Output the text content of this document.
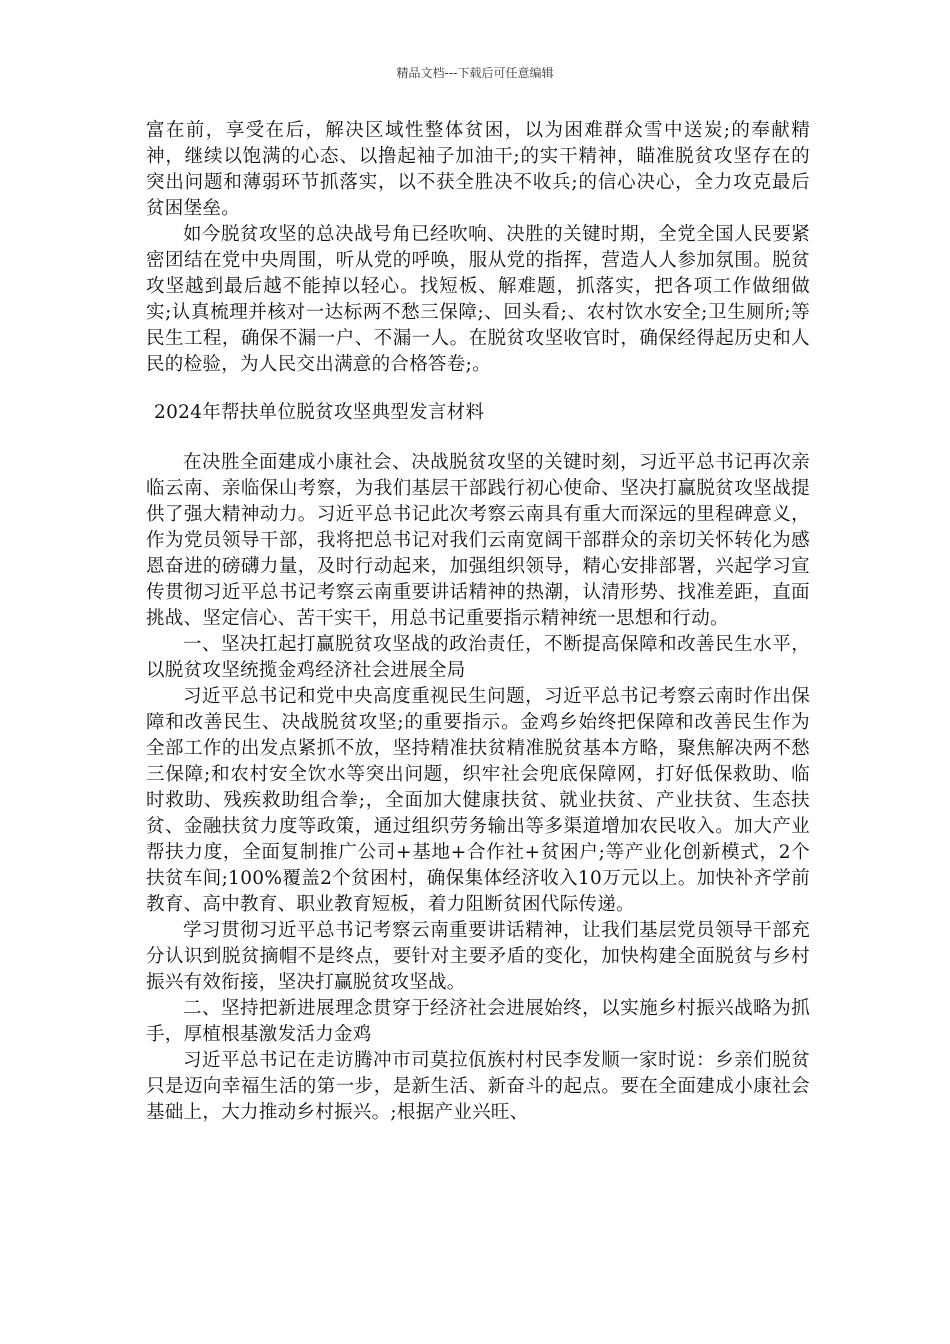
精品文档---下载后可任意编辑

富在前，享受在后，解决区域性整体贫困，以为困难群众雪中送炭;的奉献精神，继续以饱满的心态、以撸起袖子加油干;的实干精神，瞄准脱贫攻坚存在的突出问题和薄弱环节抓落实，以不获全胜决不收兵;的信心决心，全力攻克最后贫困堡垒。

如今脱贫攻坚的总决战号角已经吹响、决胜的关键时期，全党全国人民要紧密团结在党中央周围，听从党的呼唤，服从党的指挥，营造人人参加氛围。脱贫攻坚越到最后越不能掉以轻心。找短板、解难题，抓落实，把各项工作做细做实;认真梳理并核对一达标两不愁三保障;、回头看;、农村饮水安全;卫生厕所;等民生工程，确保不漏一户、不漏一人。在脱贫攻坚收官时，确保经得起历史和人民的检验，为人民交出满意的合格答卷;。

2024年帮扶单位脱贫攻坚典型发言材料

在决胜全面建成小康社会、决战脱贫攻坚的关键时刻，习近平总书记再次亲临云南、亲临保山考察，为我们基层干部践行初心使命、坚决打赢脱贫攻坚战提供了强大精神动力。习近平总书记此次考察云南具有重大而深远的里程碑意义，作为党员领导干部，我将把总书记对我们云南宽阔干部群众的亲切关怀转化为感恩奋进的磅礴力量，及时行动起来，加强组织领导，精心安排部署，兴起学习宣传贯彻习近平总书记考察云南重要讲话精神的热潮，认清形势、找准差距，直面挑战、坚定信心、苦干实干，用总书记重要指示精神统一思想和行动。

一、坚决扛起打赢脱贫攻坚战的政治责任，不断提高保障和改善民生水平，以脱贫攻坚统揽金鸡经济社会进展全局

习近平总书记和党中央高度重视民生问题，习近平总书记考察云南时作出保障和改善民生、决战脱贫攻坚;的重要指示。金鸡乡始终把保障和改善民生作为全部工作的出发点紧抓不放，坚持精准扶贫精准脱贫基本方略，聚焦解决两不愁三保障;和农村安全饮水等突出问题，织牢社会兜底保障网，打好低保救助、临时救助、残疾救助组合拳;，全面加大健康扶贫、就业扶贫、产业扶贫、生态扶贫、金融扶贫力度等政策，通过组织劳务输出等多渠道增加农民收入。加大产业帮扶力度，全面复制推广公司+基地+合作社+贫困户;等产业化创新模式，2个扶贫车间;100%覆盖2个贫困村，确保集体经济收入10万元以上。加快补齐学前教育、高中教育、职业教育短板，着力阻断贫困代际传递。

学习贯彻习近平总书记考察云南重要讲话精神，让我们基层党员领导干部充分认识到脱贫摘帽不是终点，要针对主要矛盾的变化，加快构建全面脱贫与乡村振兴有效衔接，坚决打赢脱贫攻坚战。

二、坚持把新进展理念贯穿于经济社会进展始终，以实施乡村振兴战略为抓手，厚植根基激发活力金鸡

习近平总书记在走访腾冲市司莫拉佤族村村民李发顺一家时说：乡亲们脱贫只是迈向幸福生活的第一步，是新生活、新奋斗的起点。要在全面建成小康社会基础上，大力推动乡村振兴。;根据产业兴旺、
